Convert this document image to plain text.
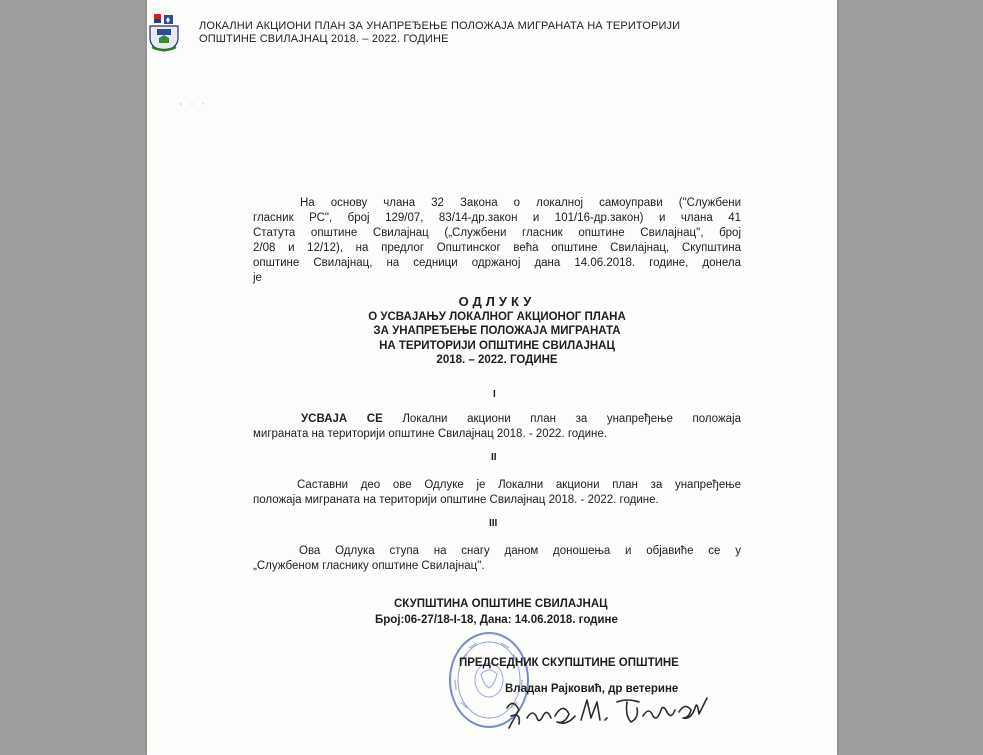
ЛОКАЛНИ АКЦИОНИ ПЛАН ЗА УНАПРЕЂЕЊЕ ПОЛОЖАЈА МИГРАНАТА НА ТЕРИТОРИЈИ
ОПШТИНЕ СВИЛАЈНАЦ 2018. – 2022. ГОДИНЕ
На основу члана 32 Закона о локалној самоуправи ("Службени
гласник РС", број 129/07, 83/14-др.закон и 101/16-др.закон) и члана 41
Статута општине Свилајнац („Службени гласник општине Свилајнац", број
2/08 и 12/12), на предлог Општинског већа општине Свилајнац, Скупштина
општине Свилајнац, на седници одржаној дана 14.06.2018. године, донела
је
ОДЛУКУ
О УСВАЈАЊУ ЛОКАЛНОГ АКЦИОНОГ ПЛАНА
ЗА УНАПРЕЂЕЊЕ ПОЛОЖАЈА МИГРАНАТА
НА ТЕРИТОРИЈИ ОПШТИНЕ СВИЛАЈНАЦ
2018. – 2022. ГОДИНЕ
I
УСВАЈА СЕ Локални акциони план за унапређење положаја
миграната на територији општине Свилајнац 2018. - 2022. године.
II
Саставни део ове Одлуке је Локални акциони план за унапређење
положаја миграната на територији општине Свилајнац 2018. - 2022. године.
III
Ова Одлука ступа на снагу даном доношења и објавиће се у
„Службеном гласнику општине Свилајнац".
СКУПШТИНА ОПШТИНЕ СВИЛАЈНАЦ
Број:06-27/18-I-18, Дана: 14.06.2018. године
ПРЕДСЕДНИК СКУПШТИНЕ ОПШТИНЕ
Владан Рајковић, др ветерине
